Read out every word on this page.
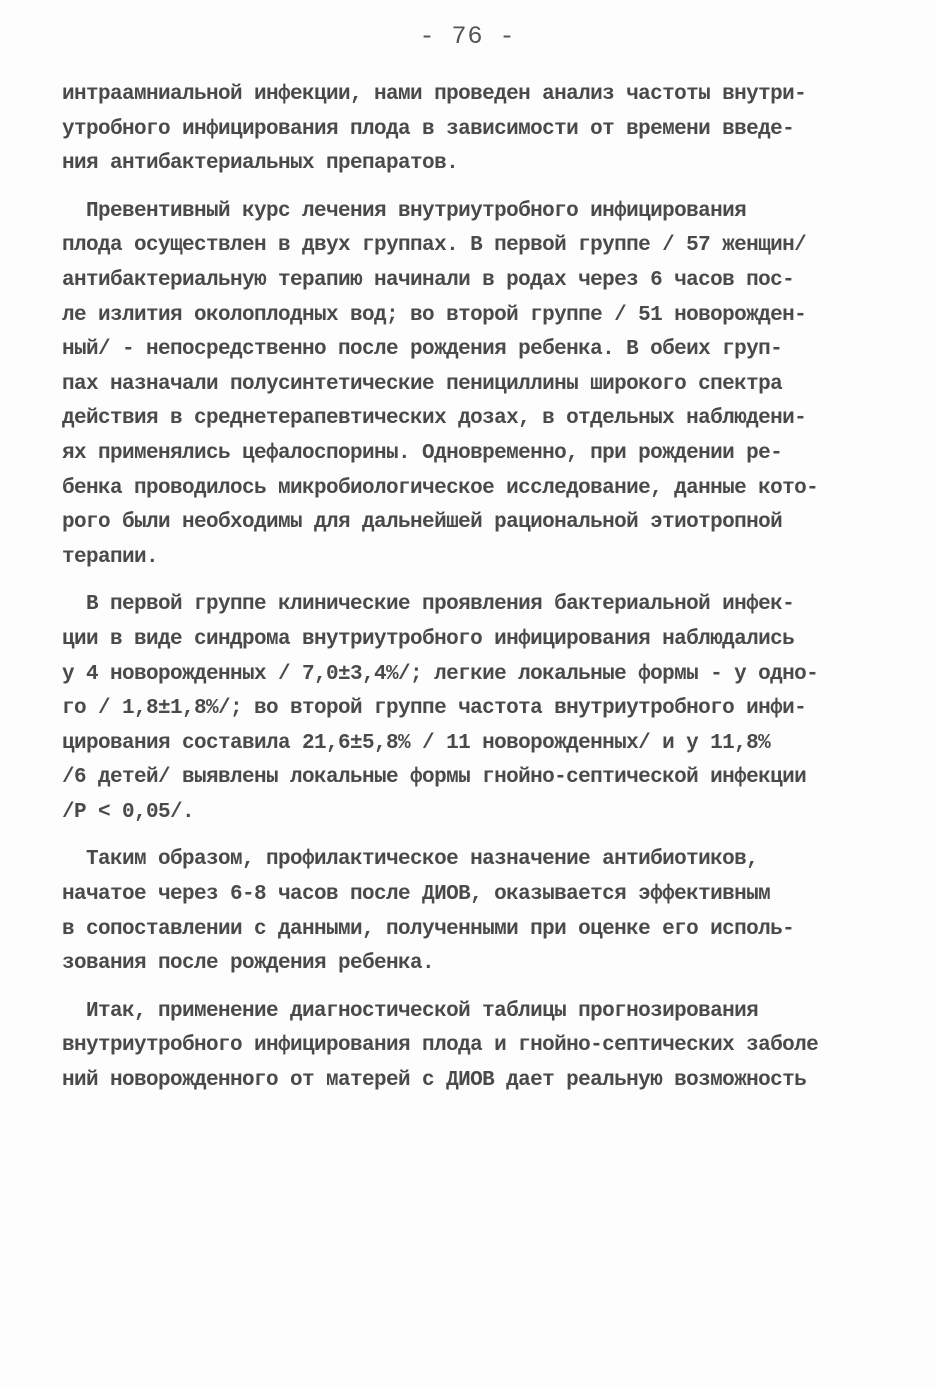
- 76 -

интраамниальной инфекции, нами проведен анализ частоты внутри-
утробного инфицирования плода в зависимости от времени введе-
ния антибактериальных препаратов.

Превентивный курс лечения внутриутробного инфицирования
плода осуществлен в двух группах. В первой группе / 57 женщин/
антибактериальную терапию начинали в родах через 6 часов пос-
ле излития околоплодных вод; во второй группе / 51 новорожден-
ный/ - непосредственно после рождения ребенка. В обеих груп-
пах назначали полусинтетические пенициллины широкого спектра
действия в среднетерапевтических дозах, в отдельных наблюдени-
ях применялись цефалоспорины. Одновременно, при рождении ре-
бенка проводилось микробиологическое исследование, данные кото-
рого были необходимы для дальнейшей рациональной этиотропной
терапии.

В первой группе клинические проявления бактериальной инфек-
ции в виде синдрома внутриутробного инфицирования наблюдались
у 4 новорожденных / 7,0±3,4%/; легкие локальные формы - у одно-
го / 1,8±1,8%/; во второй группе частота внутриутробного инфи-
цирования составила 21,6±5,8% / 11 новорожденных/ и у 11,8%
/6 детей/ выявлены локальные формы гнойно-септической инфекции
/Р < 0,05/.

Таким образом, профилактическое назначение антибиотиков,
начатое через 6-8 часов после ДИОВ, оказывается эффективным
в сопоставлении с данными, полученными при оценке его исполь-
зования после рождения ребенка.

Итак, применение диагностической таблицы прогнозирования
внутриутробного инфицирования плода и гнойно-септических заболе
ний новорожденного от матерей с ДИОВ дает реальную возможность
